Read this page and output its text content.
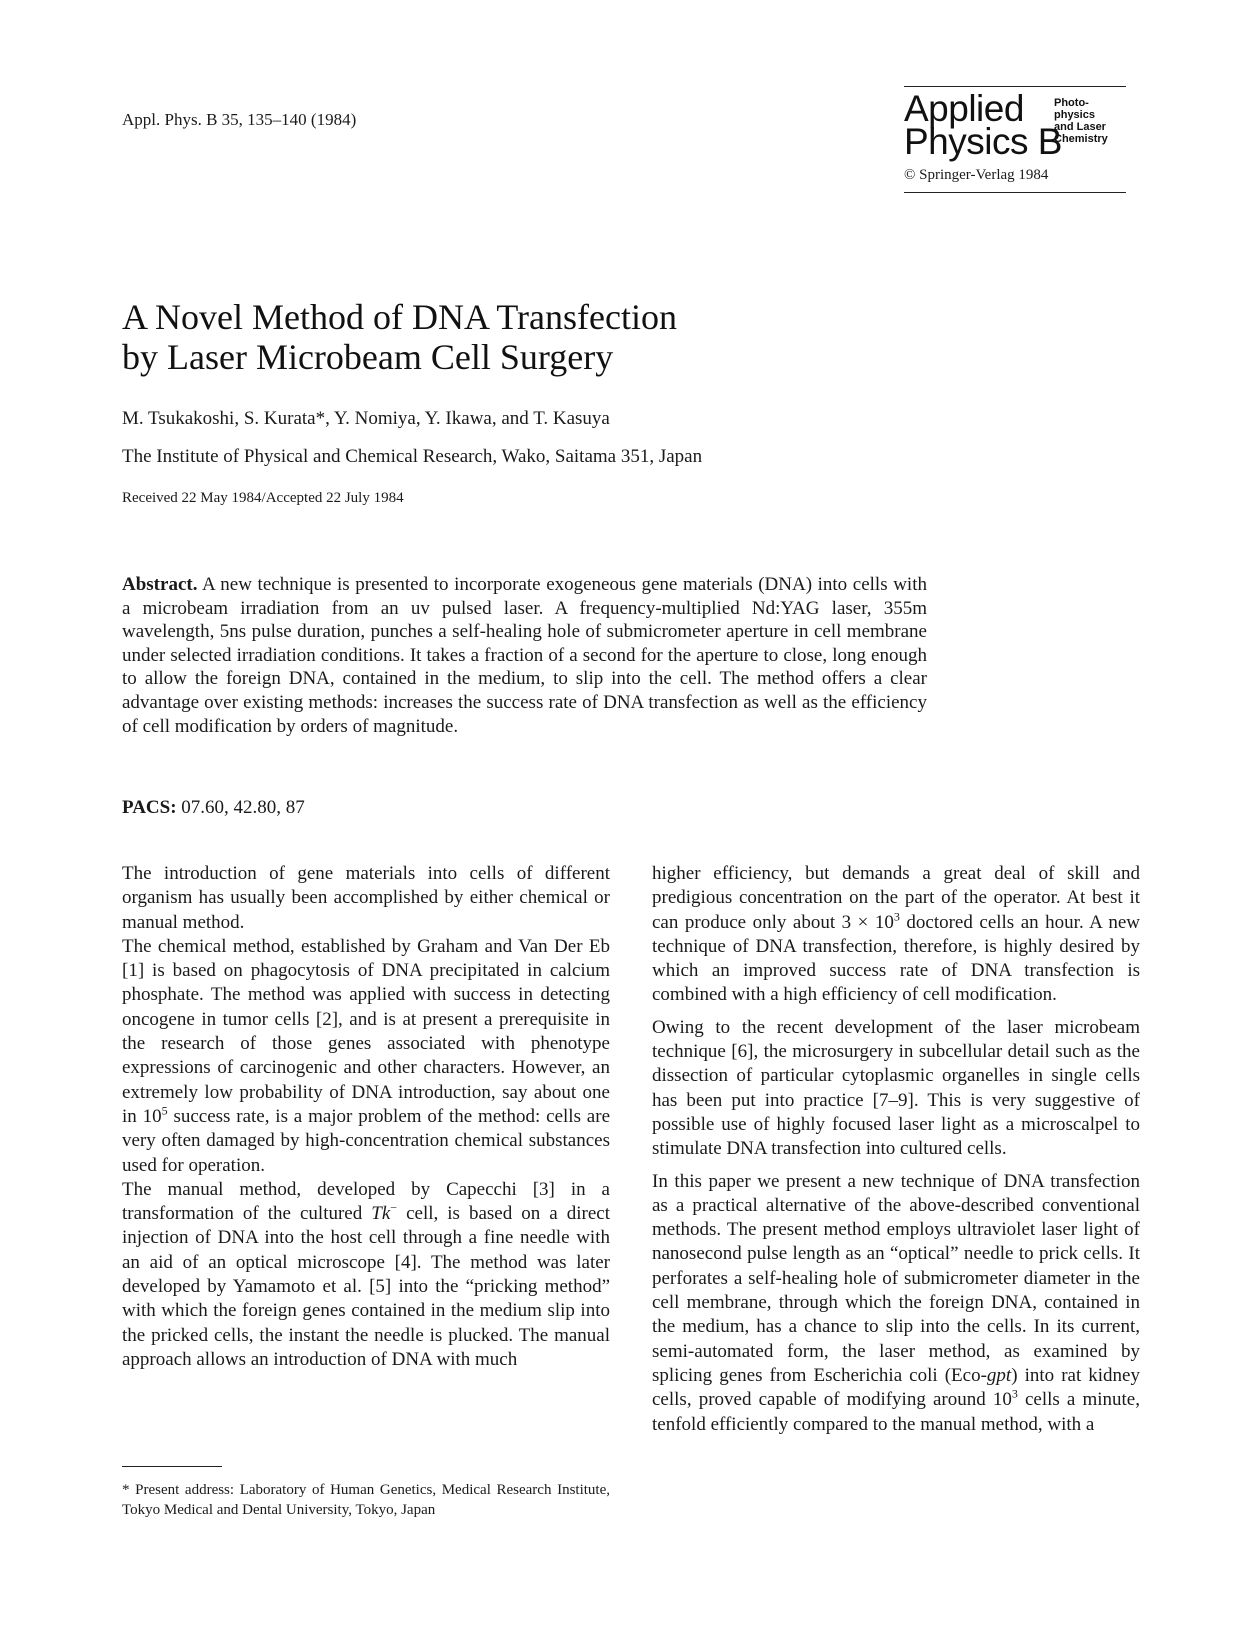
Appl. Phys. B 35, 135–140 (1984)	Applied
Physics B
Photo-
physics
and Laser
Chemistry
© Springer-Verlag 1984
A Novel Method of DNA Transfection
by Laser Microbeam Cell Surgery
M. Tsukakoshi, S. Kurata*, Y. Nomiya, Y. Ikawa, and T. Kasuya
The Institute of Physical and Chemical Research, Wako, Saitama 351, Japan
Received 22 May 1984/Accepted 22 July 1984
Abstract. A new technique is presented to incorporate exogeneous gene materials (DNA) into cells with a microbeam irradiation from an uv pulsed laser. A frequency-multiplied Nd:YAG laser, 355m wavelength, 5ns pulse duration, punches a self-healing hole of submicrometer aperture in cell membrane under selected irradiation conditions. It takes a fraction of a second for the aperture to close, long enough to allow the foreign DNA, contained in the medium, to slip into the cell. The method offers a clear advantage over existing methods: increases the success rate of DNA transfection as well as the efficiency of cell modification by orders of magnitude.
PACS: 07.60, 42.80, 87

The introduction of gene materials into cells of different organism has usually been accomplished by either chemical or manual method.

The chemical method, established by Graham and Van Der Eb [1] is based on phagocytosis of DNA precipitated in calcium phosphate. The method was applied with success in detecting oncogene in tumor cells [2], and is at present a prerequisite in the research of those genes associated with phenotype expressions of carcinogenic and other characters. However, an extremely low probability of DNA introduction, say about one in $10^5$ success rate, is a major problem of the method: cells are very often damaged by high-concentration chemical substances used for operation.

The manual method, developed by Capecchi [3] in a transformation of the cultured Tk− cell, is based on a direct injection of DNA into the host cell through a fine needle with an aid of an optical microscope [4]. The method was later developed by Yamamoto et al. [5] into the “pricking method” with which the foreign genes contained in the medium slip into the pricked cells, the instant the needle is plucked. The manual approach allows an introduction of DNA with much

* Present address: Laboratory of Human Genetics, Medical Research Institute, Tokyo Medical and Dental University, Tokyo, Japan

higher efficiency, but demands a great deal of skill and predigious concentration on the part of the operator. At best it can produce only about $3 \times 10^3$ doctored cells an hour. A new technique of DNA transfection, therefore, is highly desired by which an improved success rate of DNA transfection is combined with a high efficiency of cell modification.

Owing to the recent development of the laser microbeam technique [6], the microsurgery in subcellular detail such as the dissection of particular cytoplasmic organelles in single cells has been put into practice [7–9]. This is very suggestive of possible use of highly focused laser light as a microscalpel to stimulate DNA transfection into cultured cells.

In this paper we present a new technique of DNA transfection as a practical alternative of the above-described conventional methods. The present method employs ultraviolet laser light of nanosecond pulse length as an “optical” needle to prick cells. It perforates a self-healing hole of submicrometer diameter in the cell membrane, through which the foreign DNA, contained in the medium, has a chance to slip into the cells. In its current, semi-automated form, the laser method, as examined by splicing genes from Escherichia coli (Eco-gpt) into rat kidney cells, proved capable of modifying around $10^3$ cells a minute, tenfold efficiently compared to the manual method, with a
